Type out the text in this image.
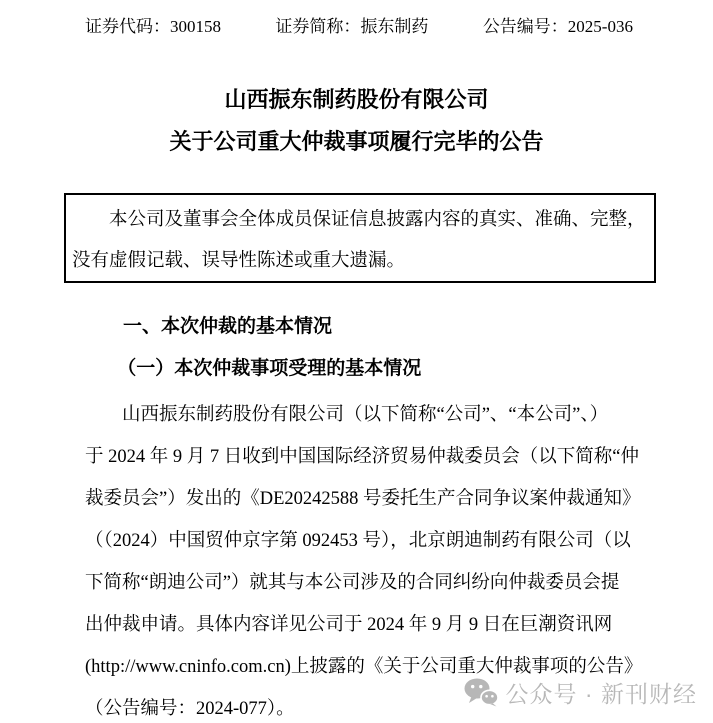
证券代码：300158	证券简称：振东制药	公告编号：2025-036
山西振东制药股份有限公司
关于公司重大仲裁事项履行完毕的公告
本公司及董事会全体成员保证信息披露内容的真实、准确、完整，
没有虚假记载、误导性陈述或重大遗漏。
一、本次仲裁的基本情况
（一）本次仲裁事项受理的基本情况
山西振东制药股份有限公司（以下简称“公司”、“本公司”、）
于 2024 年 9 月 7 日收到中国国际经济贸易仲裁委员会（以下简称“仲
裁委员会”）发出的《DE20242588 号委托生产合同争议案仲裁通知》
（（2024）中国贸仲京字第 092453 号），北京朗迪制药有限公司（以
下简称“朗迪公司”）就其与本公司涉及的合同纠纷向仲裁委员会提
出仲裁申请。具体内容详见公司于 2024 年 9 月 9 日在巨潮资讯网
(http://www.cninfo.com.cn)上披露的《关于公司重大仲裁事项的公告》
（公告编号：2024-077）。
公众号 · 新刊财经
